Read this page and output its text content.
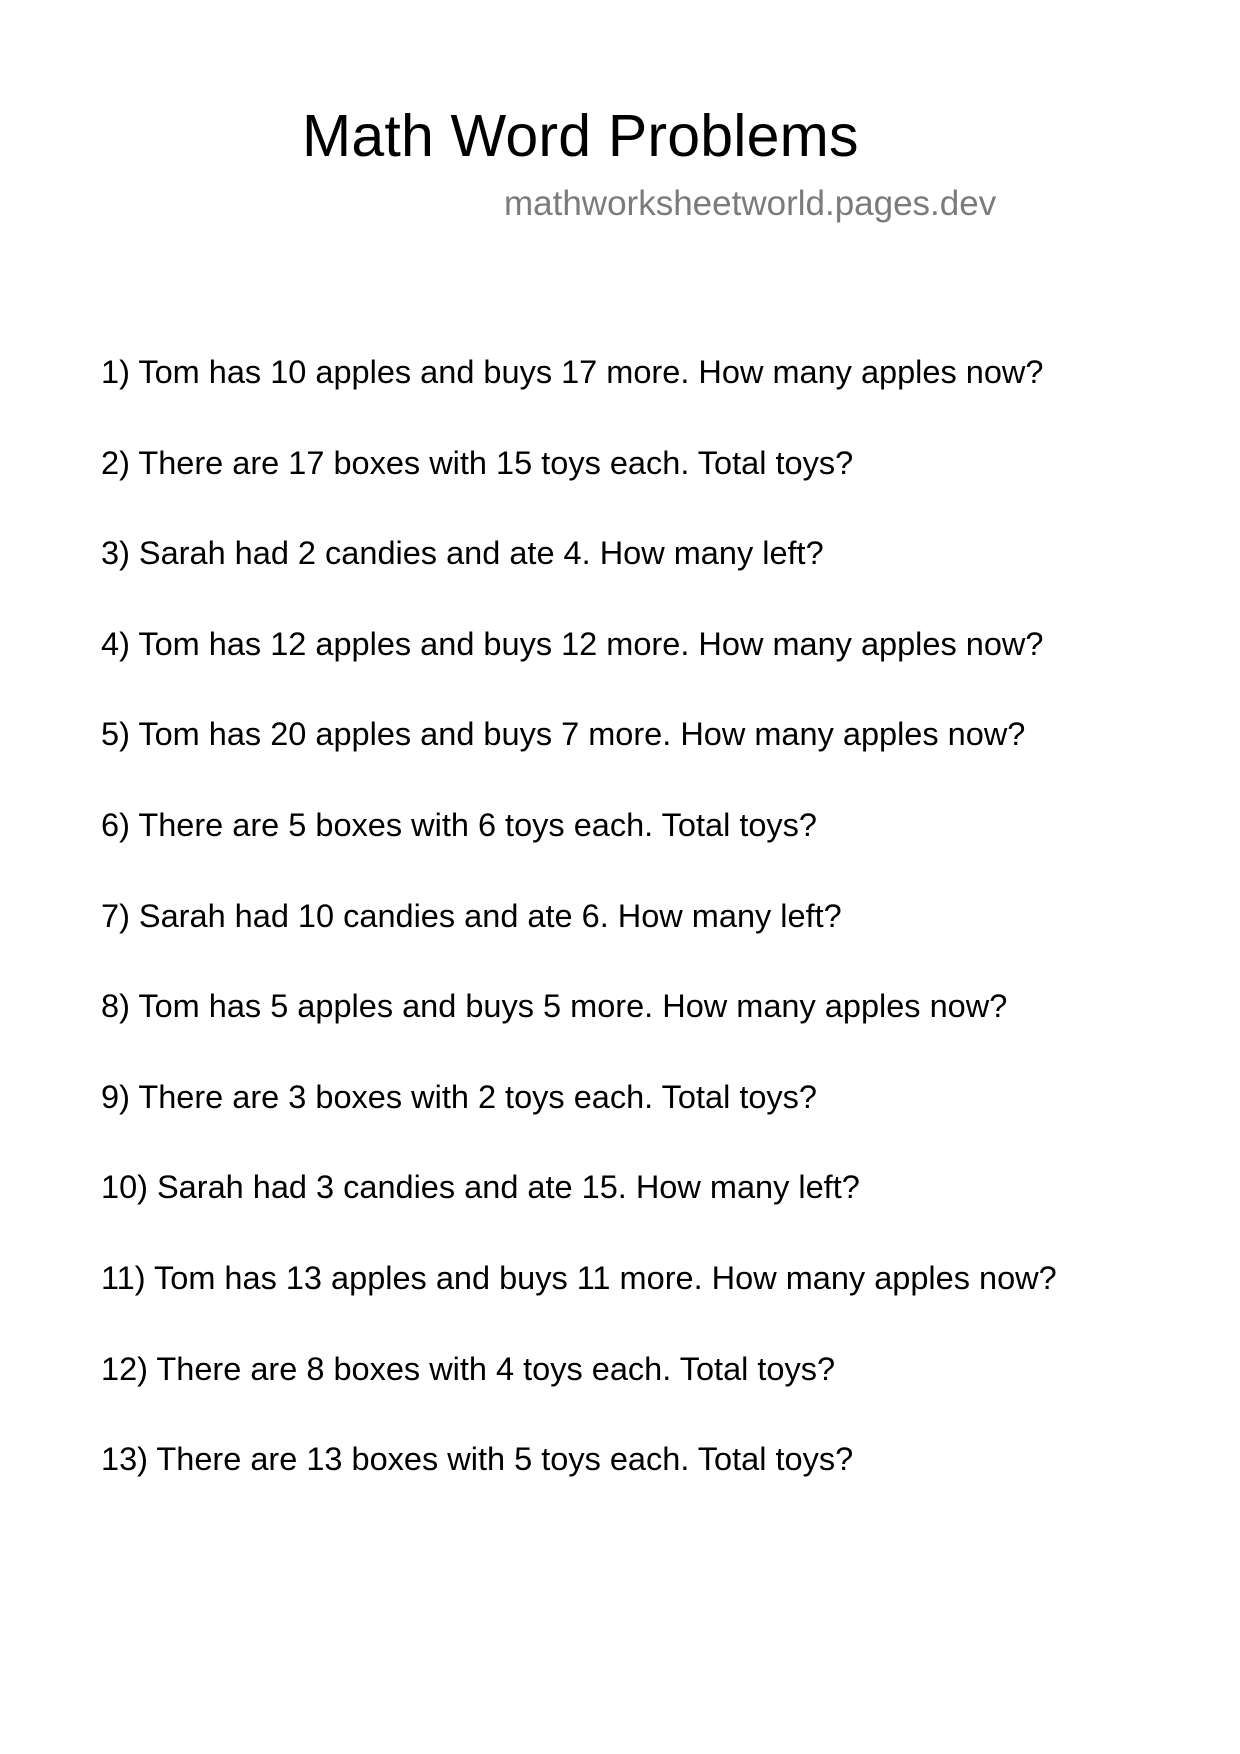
Math Word Problems
mathworksheetworld.pages.dev
1) Tom has 10 apples and buys 17 more. How many apples now?
2) There are 17 boxes with 15 toys each. Total toys?
3) Sarah had 2 candies and ate 4. How many left?
4) Tom has 12 apples and buys 12 more. How many apples now?
5) Tom has 20 apples and buys 7 more. How many apples now?
6) There are 5 boxes with 6 toys each. Total toys?
7) Sarah had 10 candies and ate 6. How many left?
8) Tom has 5 apples and buys 5 more. How many apples now?
9) There are 3 boxes with 2 toys each. Total toys?
10) Sarah had 3 candies and ate 15. How many left?
11) Tom has 13 apples and buys 11 more. How many apples now?
12) There are 8 boxes with 4 toys each. Total toys?
13) There are 13 boxes with 5 toys each. Total toys?
